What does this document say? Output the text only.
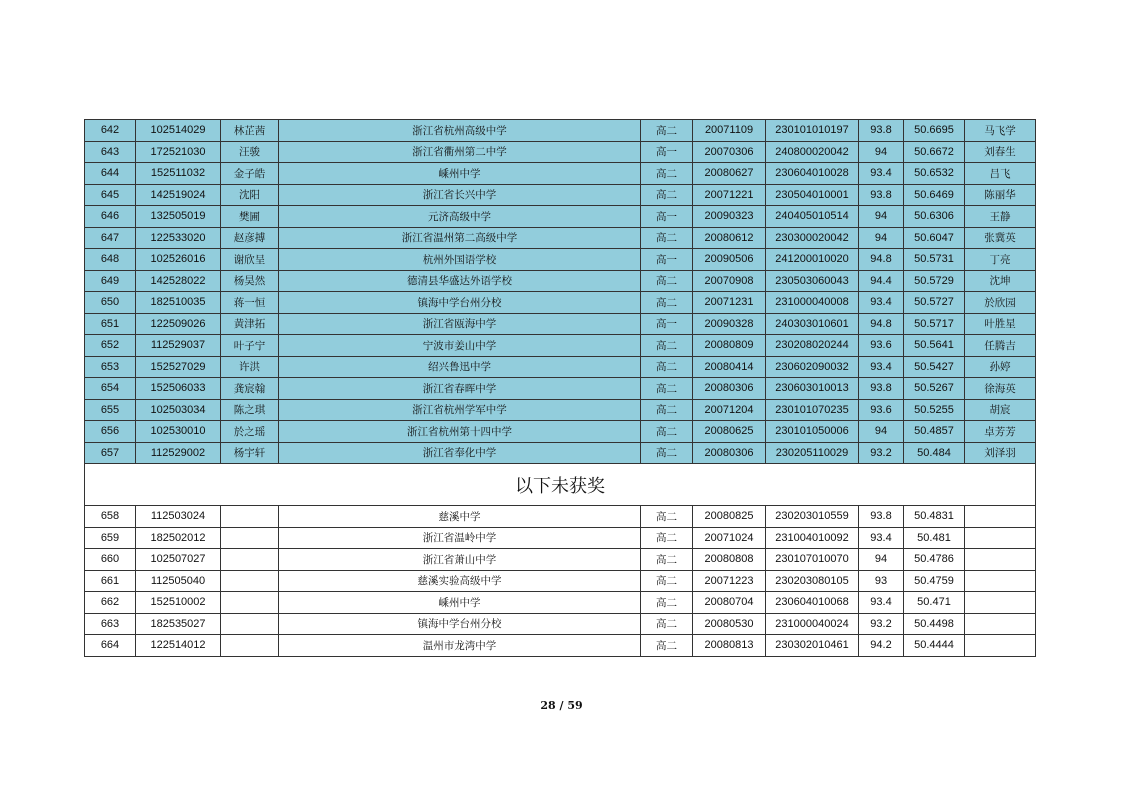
642	102514029	林芷茜	浙江省杭州高级中学	高二	20071109	230101010197	93.8	50.6695	马飞学
643	172521030	汪骏	浙江省衢州第二中学	高一	20070306	240800020042	94	50.6672	刘春生
644	152511032	金子皓	嵊州中学	高二	20080627	230604010028	93.4	50.6532	吕飞
645	142519024	沈阳	浙江省长兴中学	高二	20071221	230504010001	93.8	50.6469	陈丽华
646	132505019	樊圃	元济高级中学	高一	20090323	240405010514	94	50.6306	王静
647	122533020	赵彦搏	浙江省温州第二高级中学	高二	20080612	230300020042	94	50.6047	张冀英
648	102526016	谢欣呈	杭州外国语学校	高一	20090506	241200010020	94.8	50.5731	丁亮
649	142528022	杨昊然	德清县华盛达外语学校	高二	20070908	230503060043	94.4	50.5729	沈坤
650	182510035	蒋一恒	镇海中学台州分校	高二	20071231	231000040008	93.4	50.5727	於欣园
651	122509026	黄津拓	浙江省瓯海中学	高一	20090328	240303010601	94.8	50.5717	叶胜星
652	112529037	叶子宁	宁波市姜山中学	高二	20080809	230208020244	93.6	50.5641	任腾吉
653	152527029	许洪	绍兴鲁迅中学	高二	20080414	230602090032	93.4	50.5427	孙婷
654	152506033	龚宸翰	浙江省春晖中学	高二	20080306	230603010013	93.8	50.5267	徐海英
655	102503034	陈之琪	浙江省杭州学军中学	高二	20071204	230101070235	93.6	50.5255	胡宸
656	102530010	於之瑶	浙江省杭州第十四中学	高二	20080625	230101050006	94	50.4857	卓芳芳
657	112529002	杨宇轩	浙江省奉化中学	高二	20080306	230205110029	93.2	50.484	刘泽羽
以下未获奖									
658	112503024		慈溪中学	高二	20080825	230203010559	93.8	50.4831	
659	182502012		浙江省温岭中学	高二	20071024	231004010092	93.4	50.481	
660	102507027		浙江省萧山中学	高二	20080808	230107010070	94	50.4786	
661	112505040		慈溪实验高级中学	高二	20071223	230203080105	93	50.4759	
662	152510002		嵊州中学	高二	20080704	230604010068	93.4	50.471	
663	182535027		镇海中学台州分校	高二	20080530	231000040024	93.2	50.4498	
664	122514012		温州市龙湾中学	高二	20080813	230302010461	94.2	50.4444	
28 / 59
